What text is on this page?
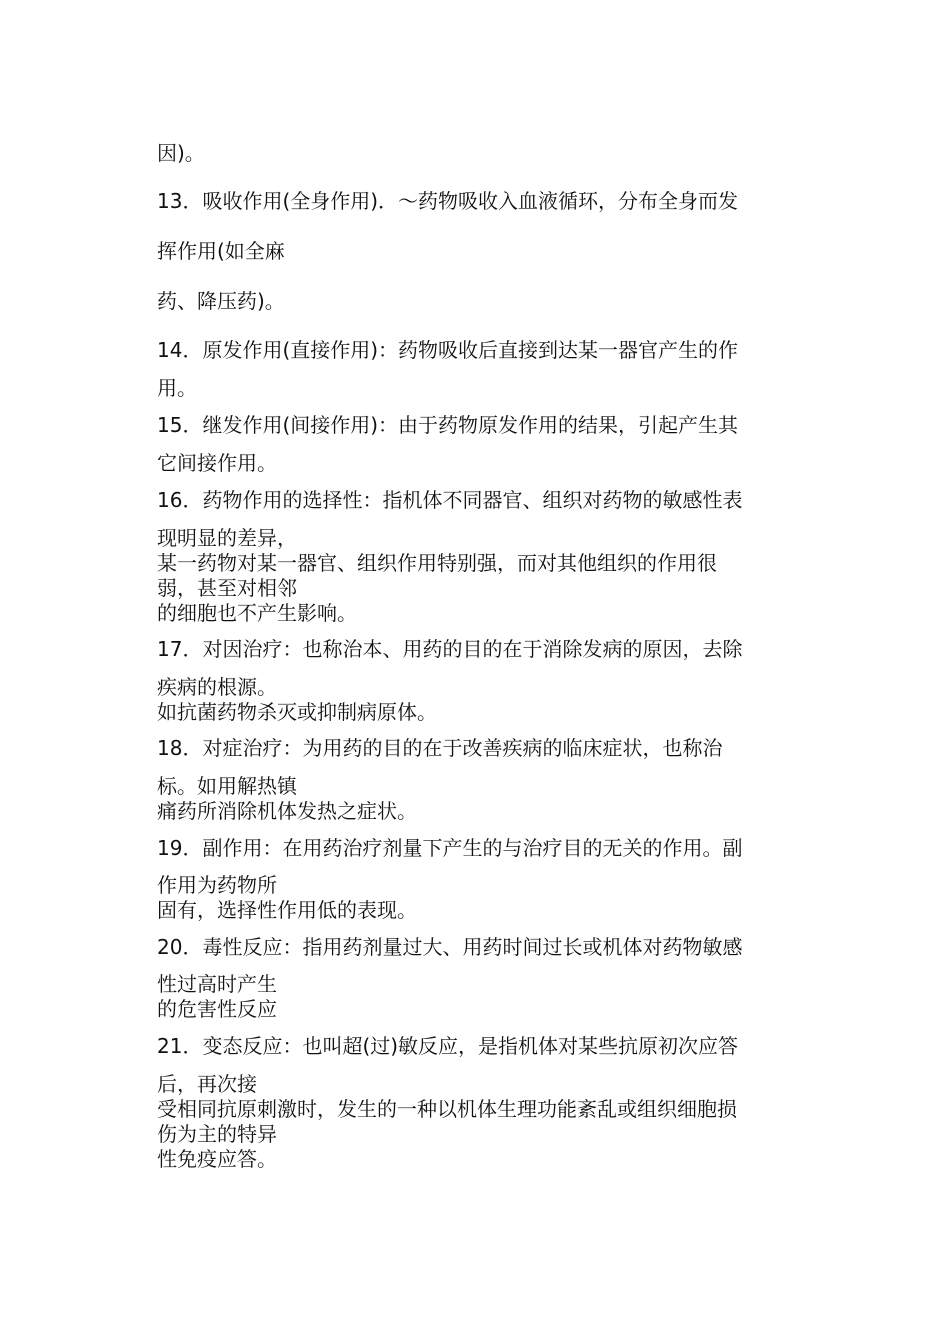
因)。

13．吸收作用(全身作用)．～药物吸收入血液循环，分布全身而发

挥作用(如全麻

药、降压药)。

14．原发作用(直接作用)：药物吸收后直接到达某一器官产生的作

用。

15．继发作用(间接作用)：由于药物原发作用的结果，引起产生其

它间接作用。

16．药物作用的选择性：指机体不同器官、组织对药物的敏感性表

现明显的差异，

某一药物对某一器官、组织作用特别强，而对其他组织的作用很

弱，甚至对相邻

的细胞也不产生影响。

17．对因治疗：也称治本、用药的目的在于消除发病的原因，去除

疾病的根源。

如抗菌药物杀灭或抑制病原体。

18．对症治疗：为用药的目的在于改善疾病的临床症状，也称治

标。如用解热镇

痛药所消除机体发热之症状。

19．副作用：在用药治疗剂量下产生的与治疗目的无关的作用。副

作用为药物所

固有，选择性作用低的表现。

20．毒性反应：指用药剂量过大、用药时间过长或机体对药物敏感

性过高时产生

的危害性反应

21．变态反应：也叫超(过)敏反应，是指机体对某些抗原初次应答

后，再次接

受相同抗原刺激时，发生的一种以机体生理功能紊乱或组织细胞损

伤为主的特异

性免疫应答。
